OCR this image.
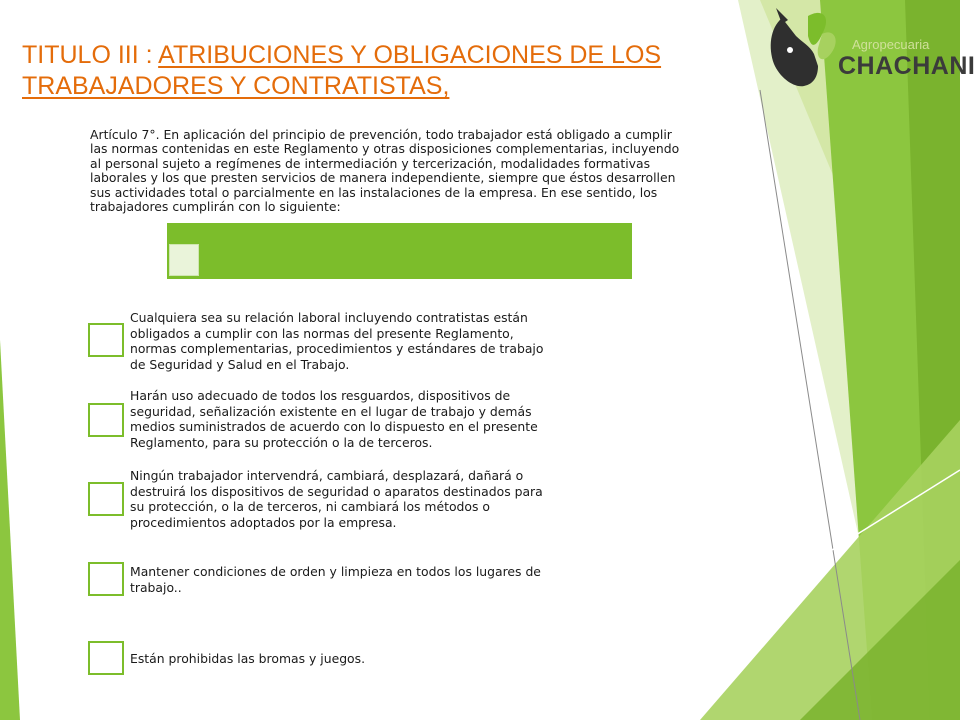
Agropecuaria
CHACHANI
TITULO III : ATRIBUCIONES Y OBLIGACIONES DE LOS TRABAJADORES Y CONTRATISTAS,
Artículo 7°. En aplicación del principio de prevención, todo trabajador está obligado a cumplir las normas contenidas en este Reglamento y otras disposiciones complementarias, incluyendo al personal sujeto a regímenes de intermediación y tercerización, modalidades formativas laborales y los que presten servicios de manera independiente, siempre que éstos desarrollen sus actividades total o parcialmente en las instalaciones de la empresa. En ese sentido, los trabajadores cumplirán con lo siguiente:
Cualquiera sea su relación laboral incluyendo contratistas están obligados a cumplir con las normas del presente Reglamento, normas complementarias, procedimientos y estándares de trabajo de Seguridad y Salud en el Trabajo.
Harán uso adecuado de todos los resguardos, dispositivos de seguridad, señalización existente en el lugar de trabajo y demás medios suministrados de acuerdo con lo dispuesto en el presente Reglamento, para su protección o la de terceros.
Ningún trabajador intervendrá, cambiará, desplazará, dañará o destruirá los dispositivos de seguridad o aparatos destinados para su protección, o la de terceros, ni cambiará los métodos o procedimientos adoptados por la empresa.
Mantener condiciones de orden y limpieza en todos los lugares de trabajo..
Están prohibidas las bromas y juegos.
